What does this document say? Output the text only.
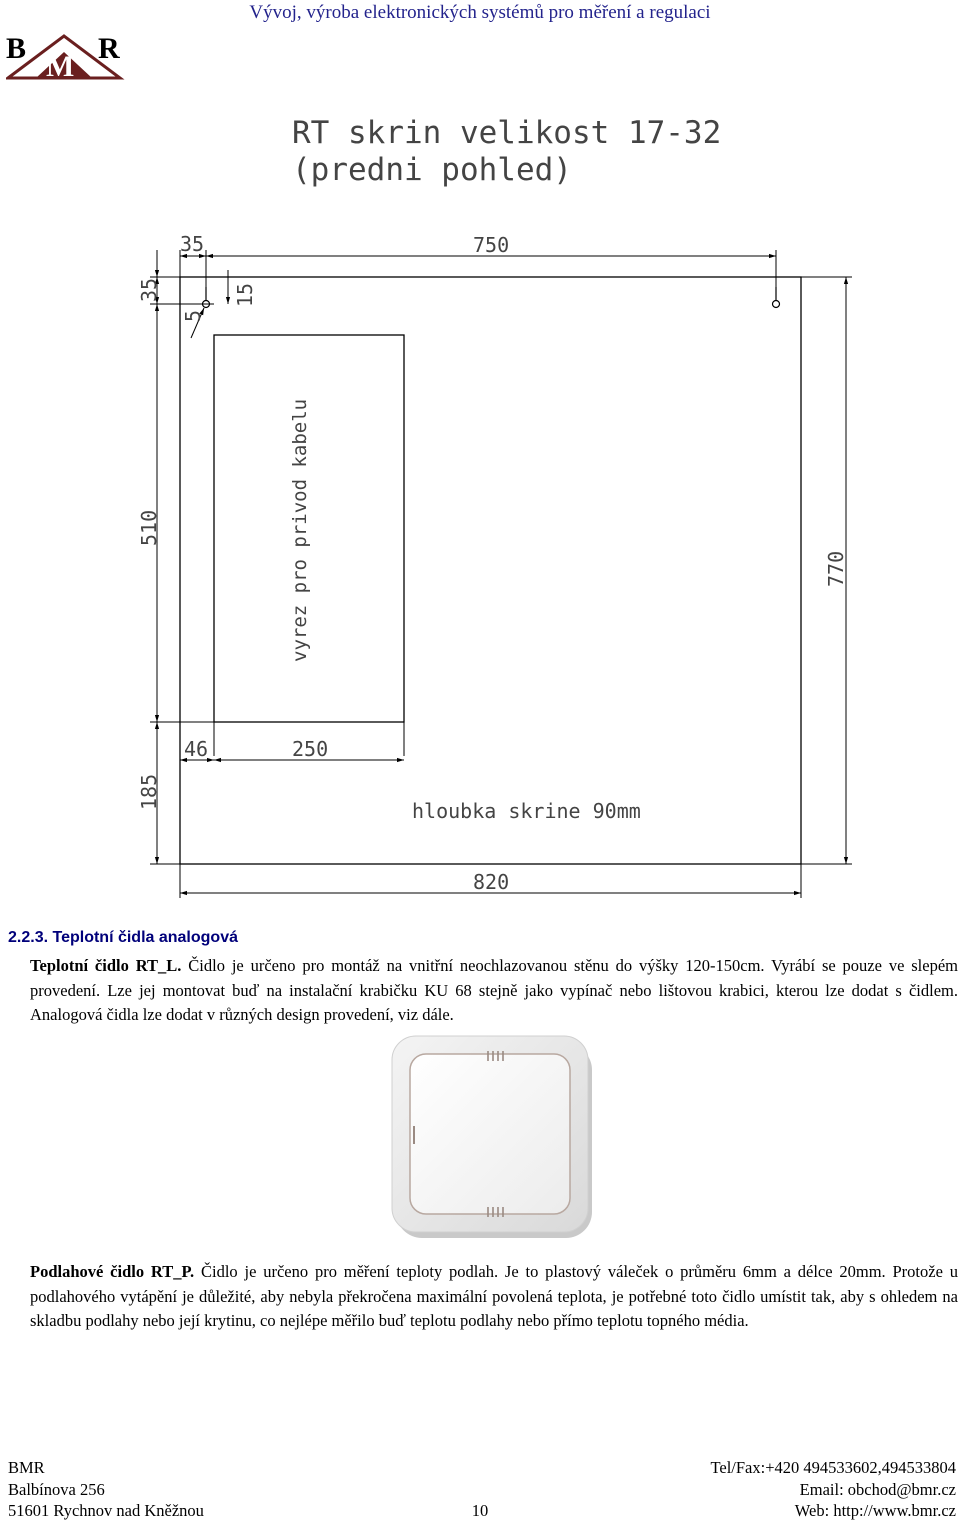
Vývoj, výroba elektronických systémů pro měření a regulaci
B
M
R
RT skrin velikost 17-32
(predni pohled)
vyrez pro privod kabelu
35	750
35
5
15
510
770
46	250
185
820
hloubka skrine 90mm
2.2.3. Teplotní čidla analogová
Teplotní čidlo RT_L. Čidlo je určeno pro montáž na vnitřní neochlazovanou stěnu do výšky 120-150cm. Vyrábí se pouze ve slepém provedení. Lze jej montovat buď na instalační krabičku KU 68 stejně jako vypínač nebo lištovou krabici, kterou lze dodat s čidlem. Analogová čidla lze dodat v různých design provedení, viz dále.
Podlahové čidlo RT_P. Čidlo je určeno pro měření teploty podlah. Je to plastový váleček o průměru 6mm a délce 20mm. Protože u podlahového vytápění je důležité, aby nebyla překročena maximální povolená teplota, je potřebné toto čidlo umístit tak, aby s ohledem na skladbu podlahy nebo její krytinu, co nejlépe měřilo buď teplotu podlahy nebo přímo teplotu topného média.
BMR
Balbínova 256
51601 Rychnov nad Kněžnou	10
Tel/Fax:+420 494533602,494533804
Email: obchod@bmr.cz
Web: http://www.bmr.cz
